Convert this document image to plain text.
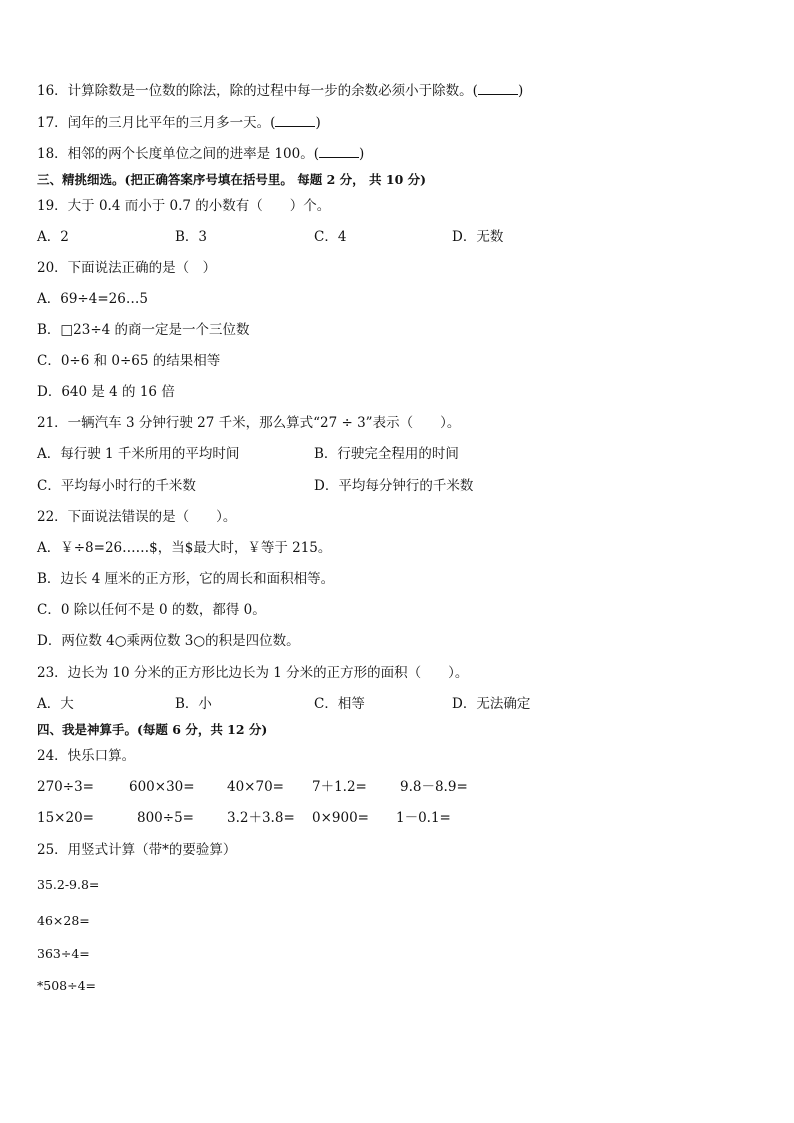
16．计算除数是一位数的除法，除的过程中每一步的余数必须小于除数。(	)
17．闰年的三月比平年的三月多一天。(	)
18．相邻的两个长度单位之间的进率是 100。(	)
三、精挑细选。(把正确答案序号填在括号里。 每题 2 分， 共 10 分)
19．大于 0.4 而小于 0.7 的小数有（　　）个。
A．2	B．3	C．4	D．无数
20．下面说法正确的是（　）
A．69÷4=26…5
B．□23÷4 的商一定是一个三位数
C．0÷6 和 0÷65 的结果相等
D．640 是 4 的 16 倍
21．一辆汽车 3 分钟行驶 27 千米，那么算式“27 ÷ 3”表示（　　）。
A．每行驶 1 千米所用的平均时间	B．行驶完全程用的时间
C．平均每小时行的千米数	D．平均每分钟行的千米数
22．下面说法错误的是（　　）。
A．￥÷8=26……$，当$最大时，￥等于 215。
B．边长 4 厘米的正方形，它的周长和面积相等。
C．0 除以任何不是 0 的数，都得 0。
D．两位数 4○乘两位数 3○的积是四位数。
23．边长为 10 分米的正方形比边长为 1 分米的正方形的面积（　　）。
A．大	B．小	C．相等	D．无法确定
四、我是神算手。(每题 6 分，共 12 分)
24．快乐口算。
270÷3=	600×30= 40×70= 7＋1.2= 9.8－8.9=
15×20=	800÷5= 3.2＋3.8= 0×900= 1－0.1=
25．用竖式计算（带*的要验算）
35.2-9.8=
46×28=
363÷4=
*508÷4=
